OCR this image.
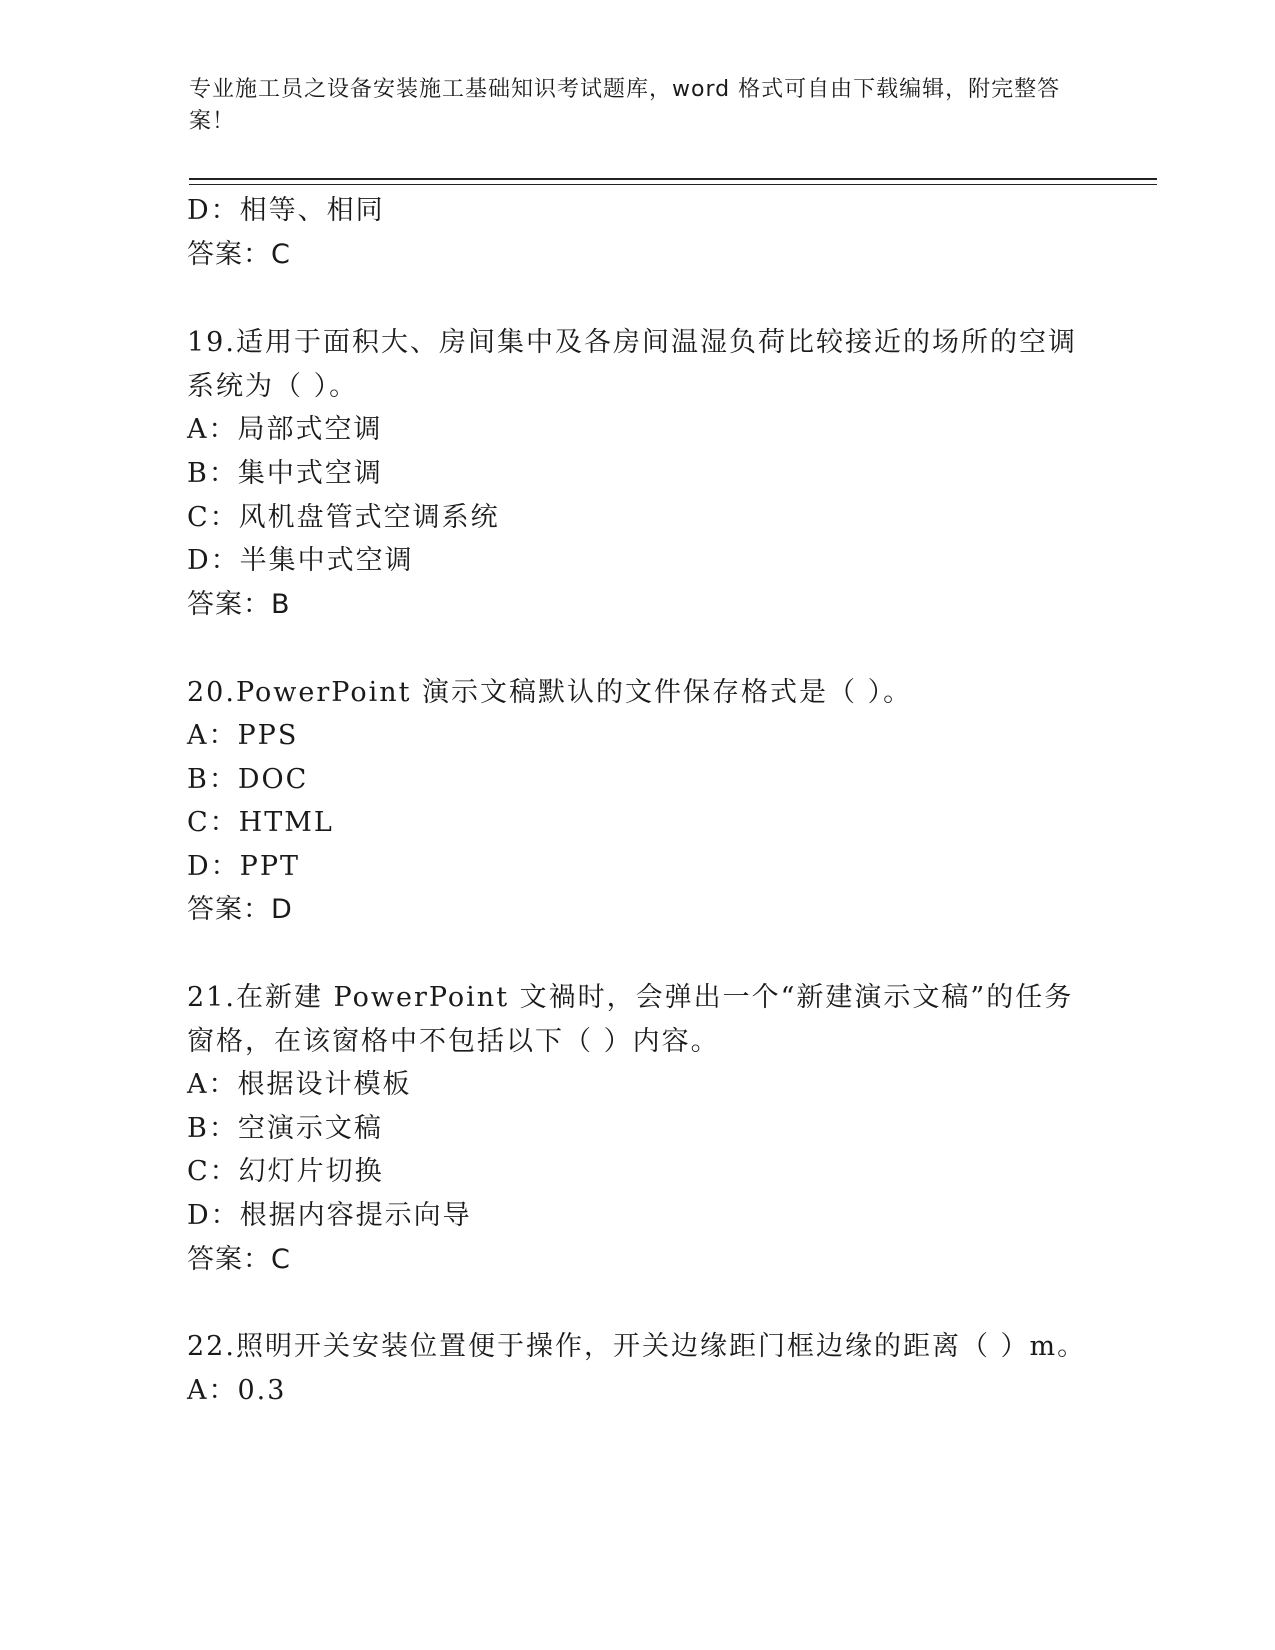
专业施工员之设备安装施工基础知识考试题库，word 格式可自由下载编辑，附完整答案！
D：相等、相同
答案：C
19.适用于面积大、房间集中及各房间温湿负荷比较接近的场所的空调
系统为（ ）。
A：局部式空调
B：集中式空调
C：风机盘管式空调系统
D：半集中式空调
答案：B
20.PowerPoint 演示文稿默认的文件保存格式是（ ）。
A：PPS
B：DOC
C：HTML
D：PPT
答案：D
21.在新建 PowerPoint 文禍时，会弹出一个“新建演示文稿”的任务
窗格，在该窗格中不包括以下（ ）内容。
A：根据设计模板
B：空演示文稿
C：幻灯片切换
D：根据内容提示向导
答案：C
22.照明开关安装位置便于操作，开关边缘距门框边缘的距离（ ）m。
A：0.3
